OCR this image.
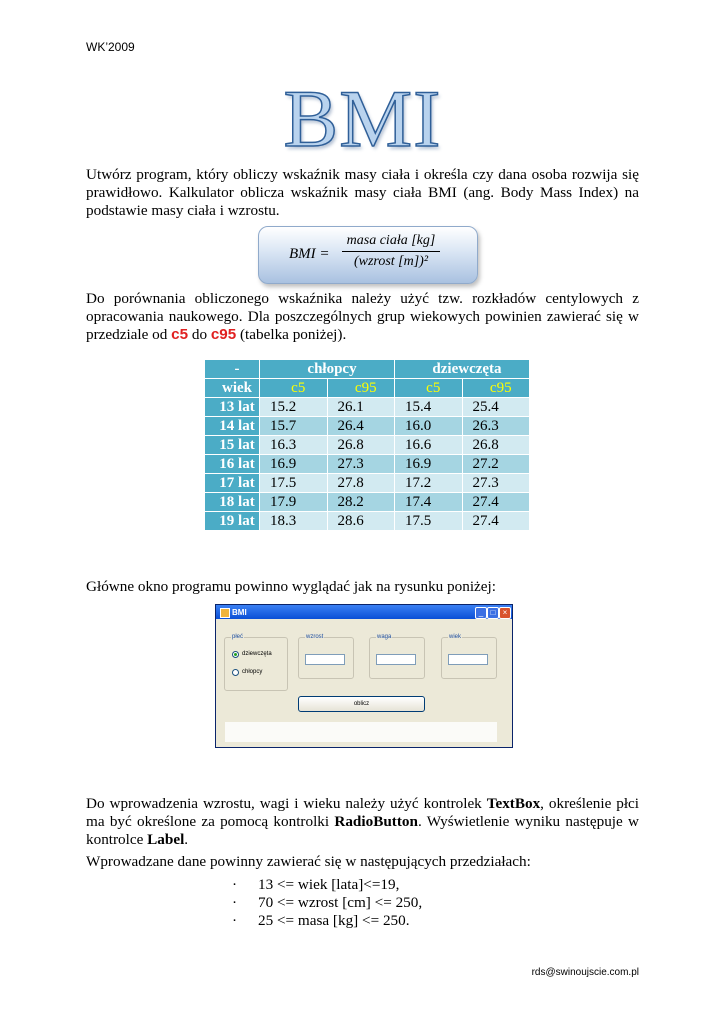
WK’2009
BMI
Utwórz program, który obliczy wskaźnik masy ciała i określa czy dana osoba rozwija się prawidłowo. Kalkulator oblicza wskaźnik masy ciała BMI (ang. Body Mass Index) na podstawie masy ciała i wzrostu.
BMI =
masa ciała [kg]
(wzrost [m])²
Do porównania obliczonego wskaźnika należy użyć tzw. rozkładów centylowych z opracowania naukowego. Dla poszczególnych grup wiekowych powinien zawierać się w przedziale od c5 do c95 (tabelka poniżej).
-	chłopcy		dziewczęta	
wiek	c5	c95	c5	c95
13 lat	15.2	26.1	15.4	25.4
14 lat	15.7	26.4	16.0	26.3
15 lat	16.3	26.8	16.6	26.8
16 lat	16.9	27.3	16.9	27.2
17 lat	17.5	27.8	17.2	27.3
18 lat	17.9	28.2	17.4	27.4
19 lat	18.3	28.6	17.5	27.4
Główne okno programu powinno wyglądać jak na rysunku poniżej:
BMI	_ □ ×
płeć
dziewczęta
chłopcy
wzrost	waga	wiek
oblicz
Do wprowadzenia wzrostu, wagi i wieku należy użyć kontrolek TextBox, określenie płci ma być określone za pomocą kontrolki RadioButton. Wyświetlenie wyniku następuje w kontrolce Label.
Wprowadzane dane powinny zawierać się w następujących przedziałach:
· 13 <= wiek [lata]<=19,
· 70 <= wzrost [cm] <= 250,
· 25 <= masa [kg] <= 250.
rds@swinoujscie.com.pl
